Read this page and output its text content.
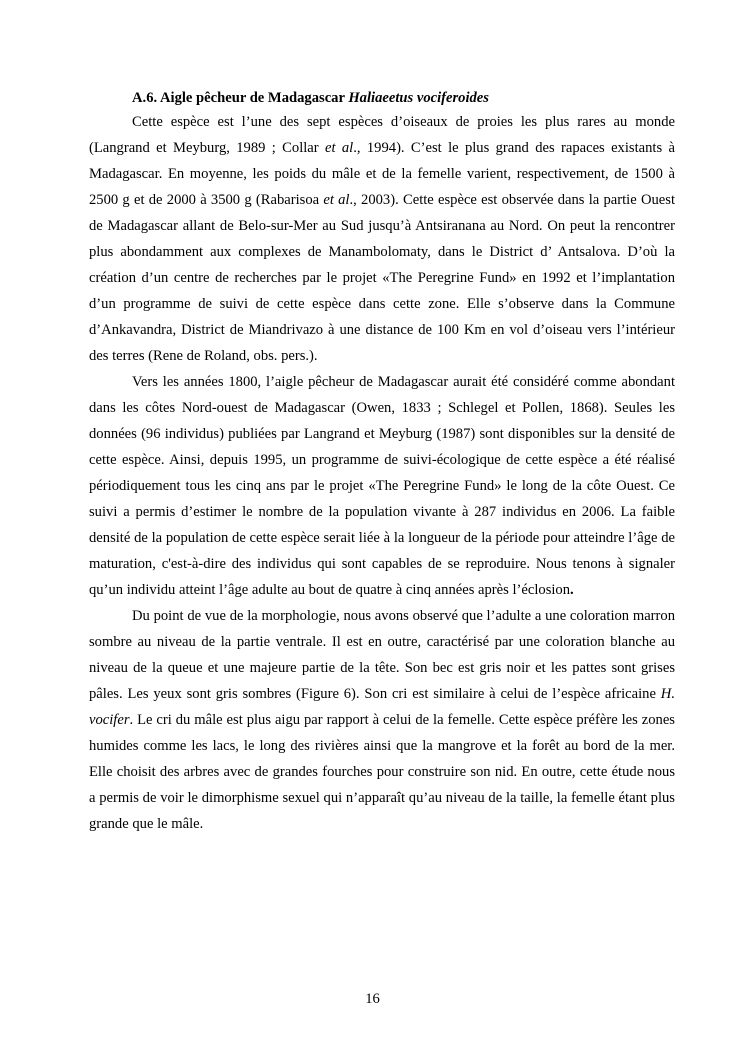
A.6. Aigle pêcheur de Madagascar Haliaeetus vociferoides

Cette espèce est l’une des sept espèces d’oiseaux de proies les plus rares au monde (Langrand et Meyburg, 1989 ; Collar et al., 1994). C’est le plus grand des rapaces existants à Madagascar. En moyenne, les poids du mâle et de la femelle varient, respectivement, de 1500 à 2500 g et de 2000 à 3500 g (Rabarisoa et al., 2003). Cette espèce est observée dans la partie Ouest de Madagascar allant de Belo-sur-Mer au Sud jusqu’à Antsiranana au Nord. On peut la rencontrer plus abondamment aux complexes de Manambolomaty, dans le District d’ Antsalova. D’où la création d’un centre de recherches par le projet «The Peregrine Fund» en 1992 et l’implantation d’un programme de suivi de cette espèce dans cette zone. Elle s’observe dans la Commune d’Ankavandra, District de Miandrivazo à une distance de 100 Km en vol d’oiseau vers l’intérieur des terres (Rene de Roland, obs. pers.).

Vers les années 1800, l’aigle pêcheur de Madagascar aurait été considéré comme abondant dans les côtes Nord-ouest de Madagascar (Owen, 1833 ; Schlegel et Pollen, 1868). Seules les données (96 individus) publiées par Langrand et Meyburg (1987) sont disponibles sur la densité de cette espèce. Ainsi, depuis 1995, un programme de suivi-écologique de cette espèce a été réalisé périodiquement tous les cinq ans par le projet «The Peregrine Fund» le long de la côte Ouest. Ce suivi a permis d’estimer le nombre de la population vivante à 287 individus en 2006. La faible densité de la population de cette espèce serait liée à la longueur de la période pour atteindre l’âge de maturation, c'est-à-dire des individus qui sont capables de se reproduire. Nous tenons à signaler qu’un individu atteint l’âge adulte au bout de quatre à cinq années après l’éclosion.

Du point de vue de la morphologie, nous avons observé que l’adulte a une coloration marron sombre au niveau de la partie ventrale. Il est en outre, caractérisé par une coloration blanche au niveau de la queue et une majeure partie de la tête. Son bec est gris noir et les pattes sont grises pâles. Les yeux sont gris sombres (Figure 6). Son cri est similaire à celui de l’espèce africaine H. vocifer. Le cri du mâle est plus aigu par rapport à celui de la femelle. Cette espèce préfère les zones humides comme les lacs, le long des rivières ainsi que la mangrove et la forêt au bord de la mer. Elle choisit des arbres avec de grandes fourches pour construire son nid. En outre, cette étude nous a permis de voir le dimorphisme sexuel qui n’apparaît qu’au niveau de la taille, la femelle étant plus grande que le mâle.

16
